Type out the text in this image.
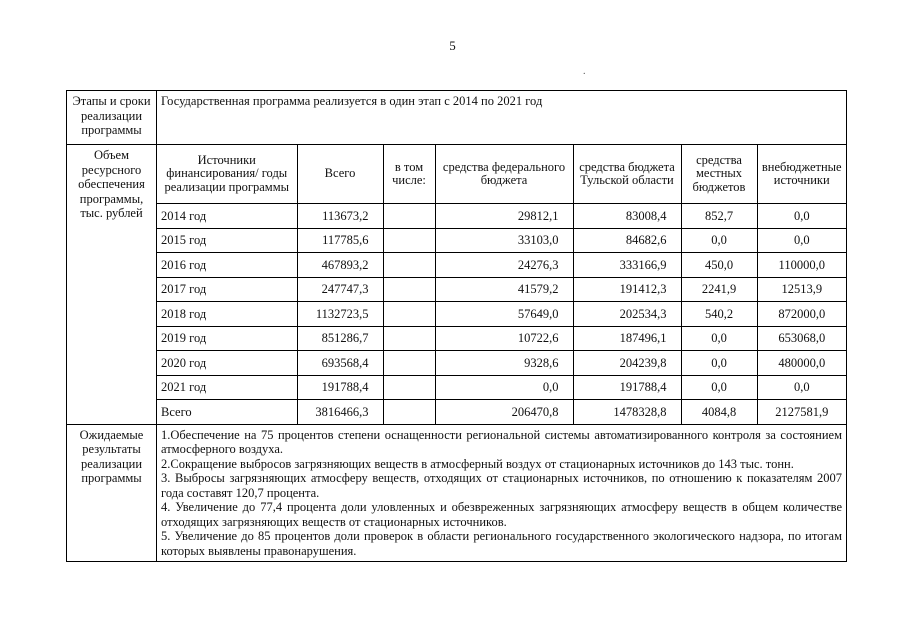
5
.
Этапы и сроки реализации программы	Государственная программа реализуется в один этап с 2014 по 2021 год
Объем ресурсного обеспечения программы, тыс. рублей	
Источники финансирования/ годы реализации программы	Всего	в том числе:	средства федерального бюджета	средства бюджета Тульской области	средства местных бюджетов	внебюджетные источники
2014 год	113673,2		29812,1	83008,4	852,7	0,0
2015 год	117785,6		33103,0	84682,6	0,0	0,0
2016 год	467893,2		24276,3	333166,9	450,0	110000,0
2017 год	247747,3		41579,2	191412,3	2241,9	12513,9
2018 год	1132723,5		57649,0	202534,3	540,2	872000,0
2019 год	851286,7		10722,6	187496,1	0,0	653068,0
2020 год	693568,4		9328,6	204239,8	0,0	480000,0
2021 год	191788,4		0,0	191788,4	0,0	0,0
Всего	3816466,3		206470,8	1478328,8	4084,8	2127581,9

Ожидаемые результаты реализации программы	

1.Обеспечение на 75 процентов степени оснащенности региональной системы автоматизированного контроля за состоянием атмосферного воздуха.

2.Сокращение выбросов загрязняющих веществ в атмосферный воздух от стационарных источников до 143 тыс. тонн.

3. Выбросы загрязняющих атмосферу веществ, отходящих от стационарных источников, по отношению к показателям 2007 года составят 120,7 процента.

4. Увеличение до 77,4 процента доли уловленных и обезвреженных загрязняющих атмосферу веществ в общем количестве отходящих загрязняющих веществ от стационарных источников.

5. Увеличение до 85 процентов доли проверок в области регионального государственного экологического надзора, по итогам которых выявлены правонарушения.
